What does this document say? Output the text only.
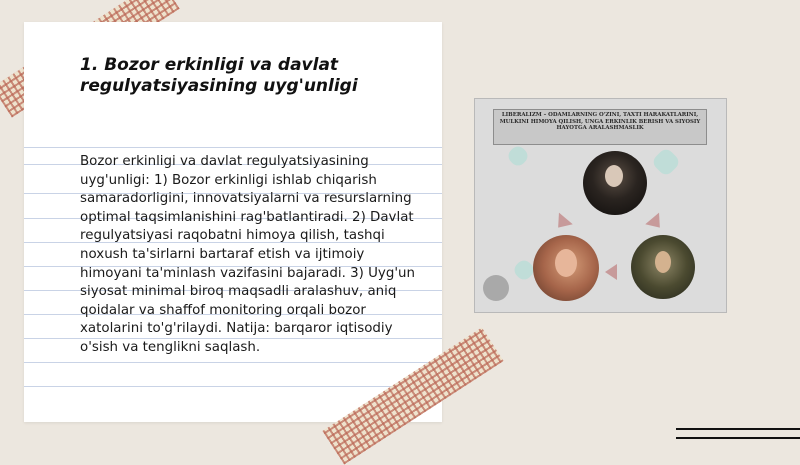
1. Bozor erkinligi va davlat regulyatsiyasining uyg'unligi

Bozor erkinligi va davlat regulyatsiyasining uyg'unligi: 1) Bozor erkinligi ishlab chiqarish samaradorligini, innovatsiyalarni va resurslarning optimal taqsimlanishini rag'batlantiradi. 2) Davlat regulyatsiyasi raqobatni himoya qilish, tashqi noxush ta'sirlarni bartaraf etish va ijtimoiy himoyani ta'minlash vazifasini bajaradi. 3) Uyg'un siyosat minimal biroq maqsadli aralashuv, aniq qoidalar va shaffof monitoring orqali bozor xatolarini to'g'rilaydi. Natija: barqaror iqtisodiy o'sish va tenglikni saqlash.

LIBERALIZM – ODAMLARNING O'ZINI, TAXTI HARAKATLARINI, MULKINI HIMOYA QILISH, UNGA ERKINLIK BERISH VA SIYOSIY HAYOTGA ARALASHMASLIK
